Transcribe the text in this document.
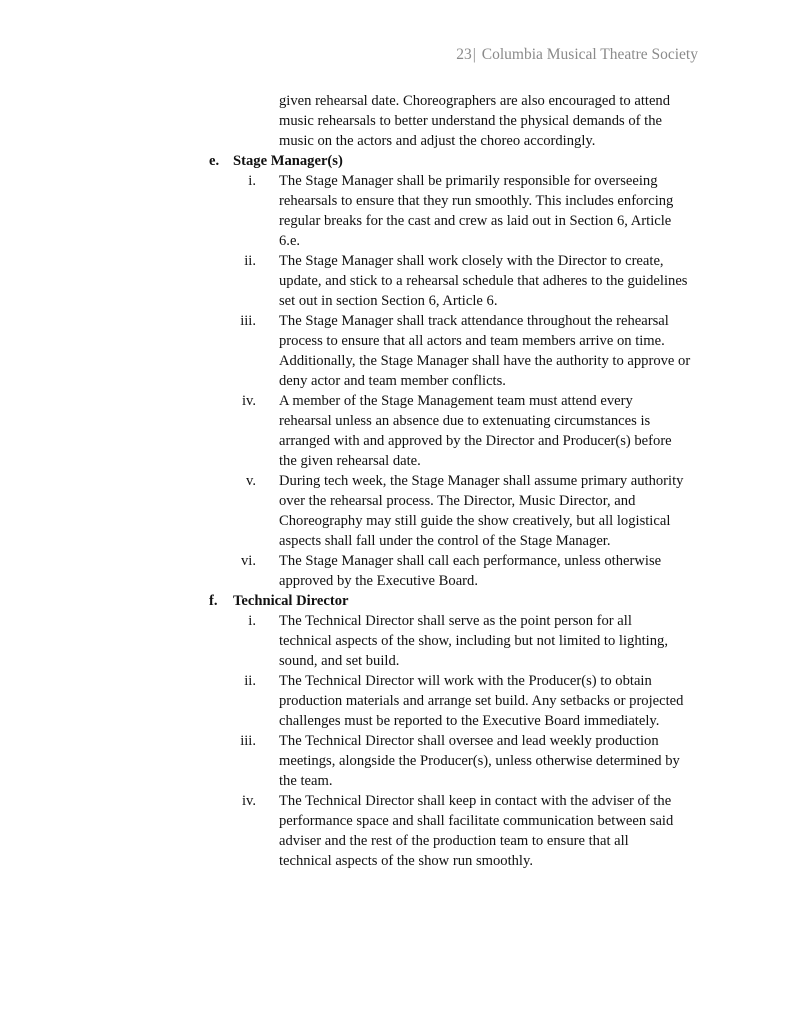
23| Columbia Musical Theatre Society
given rehearsal date. Choreographers are also encouraged to attend
music rehearsals to better understand the physical demands of the
music on the actors and adjust the choreo accordingly.
e. Stage Manager(s)
i. The Stage Manager shall be primarily responsible for overseeing
rehearsals to ensure that they run smoothly. This includes enforcing
regular breaks for the cast and crew as laid out in Section 6, Article
6.e.
ii. The Stage Manager shall work closely with the Director to create,
update, and stick to a rehearsal schedule that adheres to the guidelines
set out in section Section 6, Article 6.
iii. The Stage Manager shall track attendance throughout the rehearsal
process to ensure that all actors and team members arrive on time.
Additionally, the Stage Manager shall have the authority to approve or
deny actor and team member conflicts.
iv. A member of the Stage Management team must attend every
rehearsal unless an absence due to extenuating circumstances is
arranged with and approved by the Director and Producer(s) before
the given rehearsal date.
v. During tech week, the Stage Manager shall assume primary authority
over the rehearsal process. The Director, Music Director, and
Choreography may still guide the show creatively, but all logistical
aspects shall fall under the control of the Stage Manager.
vi. The Stage Manager shall call each performance, unless otherwise
approved by the Executive Board.
f. Technical Director
i. The Technical Director shall serve as the point person for all
technical aspects of the show, including but not limited to lighting,
sound, and set build.
ii. The Technical Director will work with the Producer(s) to obtain
production materials and arrange set build. Any setbacks or projected
challenges must be reported to the Executive Board immediately.
iii. The Technical Director shall oversee and lead weekly production
meetings, alongside the Producer(s), unless otherwise determined by
the team.
iv. The Technical Director shall keep in contact with the adviser of the
performance space and shall facilitate communication between said
adviser and the rest of the production team to ensure that all
technical aspects of the show run smoothly.
